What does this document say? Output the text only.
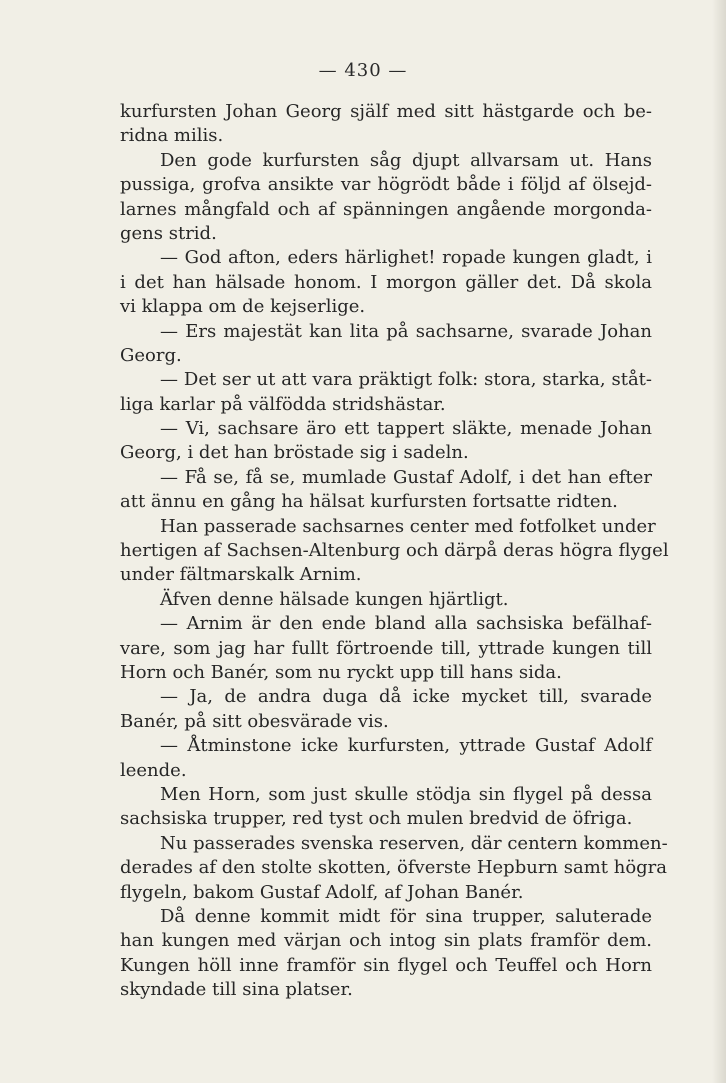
— 430 —
kurfursten Johan Georg själf med sitt hästgarde och be-
ridna milis.
Den gode kurfursten såg djupt allvarsam ut. Hans
pussiga, grofva ansikte var högrödt både i följd af ölsejd-
larnes mångfald och af spänningen angående morgonda-
gens strid.
— God afton, eders härlighet! ropade kungen gladt, i
i det han hälsade honom. I morgon gäller det. Då skola
vi klappa om de kejserlige.
— Ers majestät kan lita på sachsarne, svarade Johan
Georg.
— Det ser ut att vara präktigt folk: stora, starka, ståt-
liga karlar på välfödda stridshästar.
— Vi, sachsare äro ett tappert släkte, menade Johan
Georg, i det han bröstade sig i sadeln.
— Få se, få se, mumlade Gustaf Adolf, i det han efter
att ännu en gång ha hälsat kurfursten fortsatte ridten.
Han passerade sachsarnes center med fotfolket under
hertigen af Sachsen-Altenburg och därpå deras högra flygel
under fältmarskalk Arnim.
Äfven denne hälsade kungen hjärtligt.
— Arnim är den ende bland alla sachsiska befälhaf-
vare, som jag har fullt förtroende till, yttrade kungen till
Horn och Banér, som nu ryckt upp till hans sida.
— Ja, de andra duga då icke mycket till, svarade
Banér, på sitt obesvärade vis.
— Åtminstone icke kurfursten, yttrade Gustaf Adolf
leende.
Men Horn, som just skulle stödja sin flygel på dessa
sachsiska trupper, red tyst och mulen bredvid de öfriga.
Nu passerades svenska reserven, där centern kommen-
derades af den stolte skotten, öfverste Hepburn samt högra
flygeln, bakom Gustaf Adolf, af Johan Banér.
Då denne kommit midt för sina trupper, saluterade
han kungen med värjan och intog sin plats framför dem.
Kungen höll inne framför sin flygel och Teuffel och Horn
skyndade till sina platser.
